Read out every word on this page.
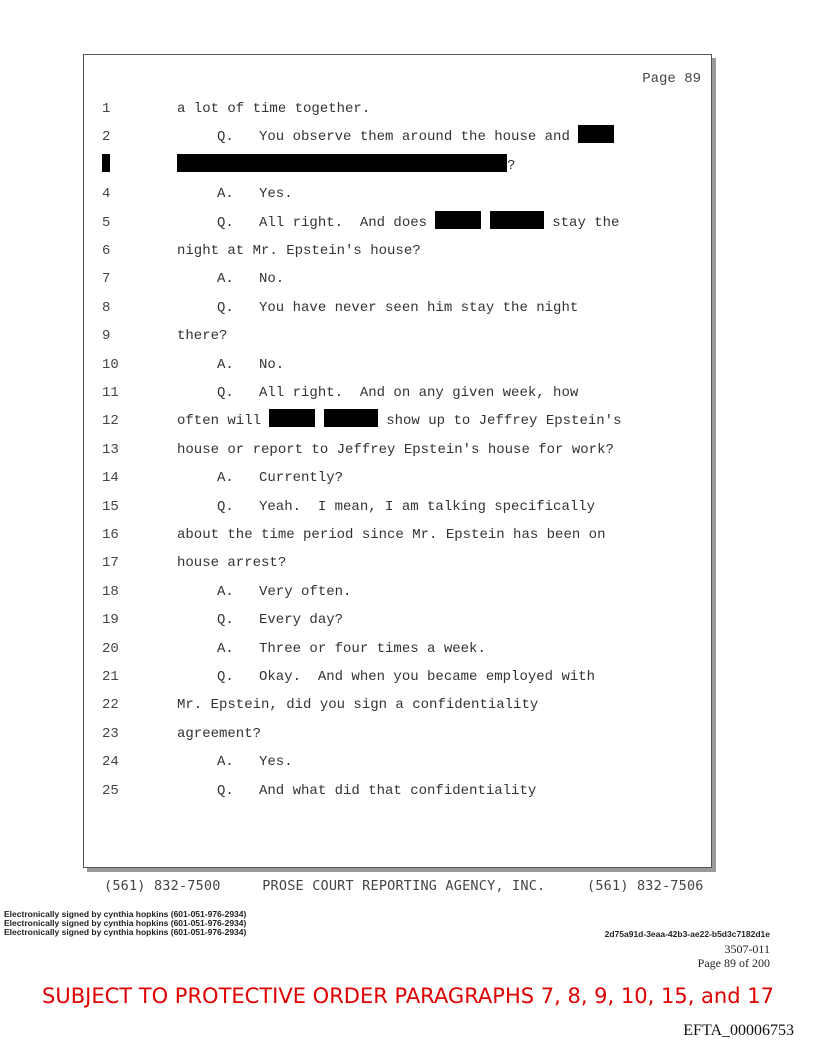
Page 89
1	a lot of time together.
2	Q.   You observe them around the house and
?
4	A.   Yes.
5	Q.   All right.  And does	stay the
6	night at Mr. Epstein's house?
7	A.   No.
8	Q.   You have never seen him stay the night
9	there?
10	A.   No.
11	Q.   All right.  And on any given week, how
12	often will	show up to Jeffrey Epstein's
13	house or report to Jeffrey Epstein's house for work?
14	A.   Currently?
15	Q.   Yeah.  I mean, I am talking specifically
16	about the time period since Mr. Epstein has been on
17	house arrest?
18	A.   Very often.
19	Q.   Every day?
20	A.   Three or four times a week.
21	Q.   Okay.  And when you became employed with
22	Mr. Epstein, did you sign a confidentiality
23	agreement?
24	A.   Yes.
25	Q.   And what did that confidentiality
(561) 832-7500     PROSE COURT REPORTING AGENCY, INC.     (561) 832-7506
Electronically signed by cynthia hopkins (601-051-976-2934)
Electronically signed by cynthia hopkins (601-051-976-2934)
Electronically signed by cynthia hopkins (601-051-976-2934)	2d75a91d-3eaa-42b3-ae22-b5d3c7182d1e
3507-011
Page 89 of 200
SUBJECT TO PROTECTIVE ORDER PARAGRAPHS 7, 8, 9, 10, 15, and 17
EFTA_00006753
